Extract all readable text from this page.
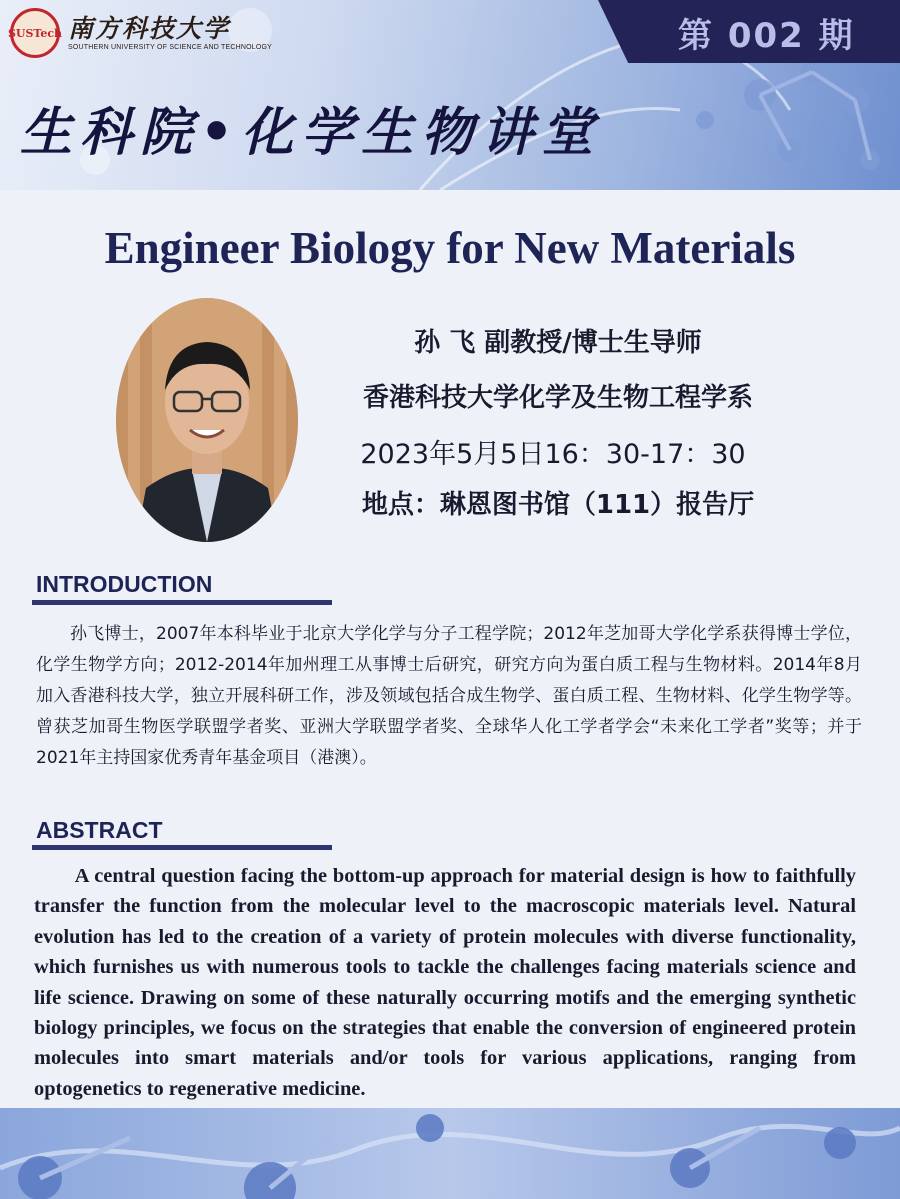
SUSTech 南方科技大学
SOUTHERN UNIVERSITY OF SCIENCE AND TECHNOLOGY	第 002 期
生科院•化学生物讲堂
Engineer Biology for New Materials
孙 飞 副教授/博士生导师
香港科技大学化学及生物工程学系
2023年5月5日16：30-17：30
地点：琳恩图书馆（111）报告厅
INTRODUCTION
孙飞博士，2007年本科毕业于北京大学化学与分子工程学院；2012年芝加哥大学化学系获得博士学位，化学生物学方向；2012-2014年加州理工从事博士后研究，研究方向为蛋白质工程与生物材料。2014年8月加入香港科技大学，独立开展科研工作，涉及领域包括合成生物学、蛋白质工程、生物材料、化学生物学等。曾获芝加哥生物医学联盟学者奖、亚洲大学联盟学者奖、全球华人化工学者学会“未来化工学者”奖等；并于2021年主持国家优秀青年基金项目（港澳）。
ABSTRACT
A central question facing the bottom-up approach for material design is how to faithfully transfer the function from the molecular level to the macroscopic materials level. Natural evolution has led to the creation of a variety of protein molecules with diverse functionality, which furnishes us with numerous tools to tackle the challenges facing materials science and life science. Drawing on some of these naturally occurring motifs and the emerging synthetic biology principles, we focus on the strategies that enable the conversion of engineered protein molecules into smart materials and/or tools for various applications, ranging from optogenetics to regenerative medicine.
